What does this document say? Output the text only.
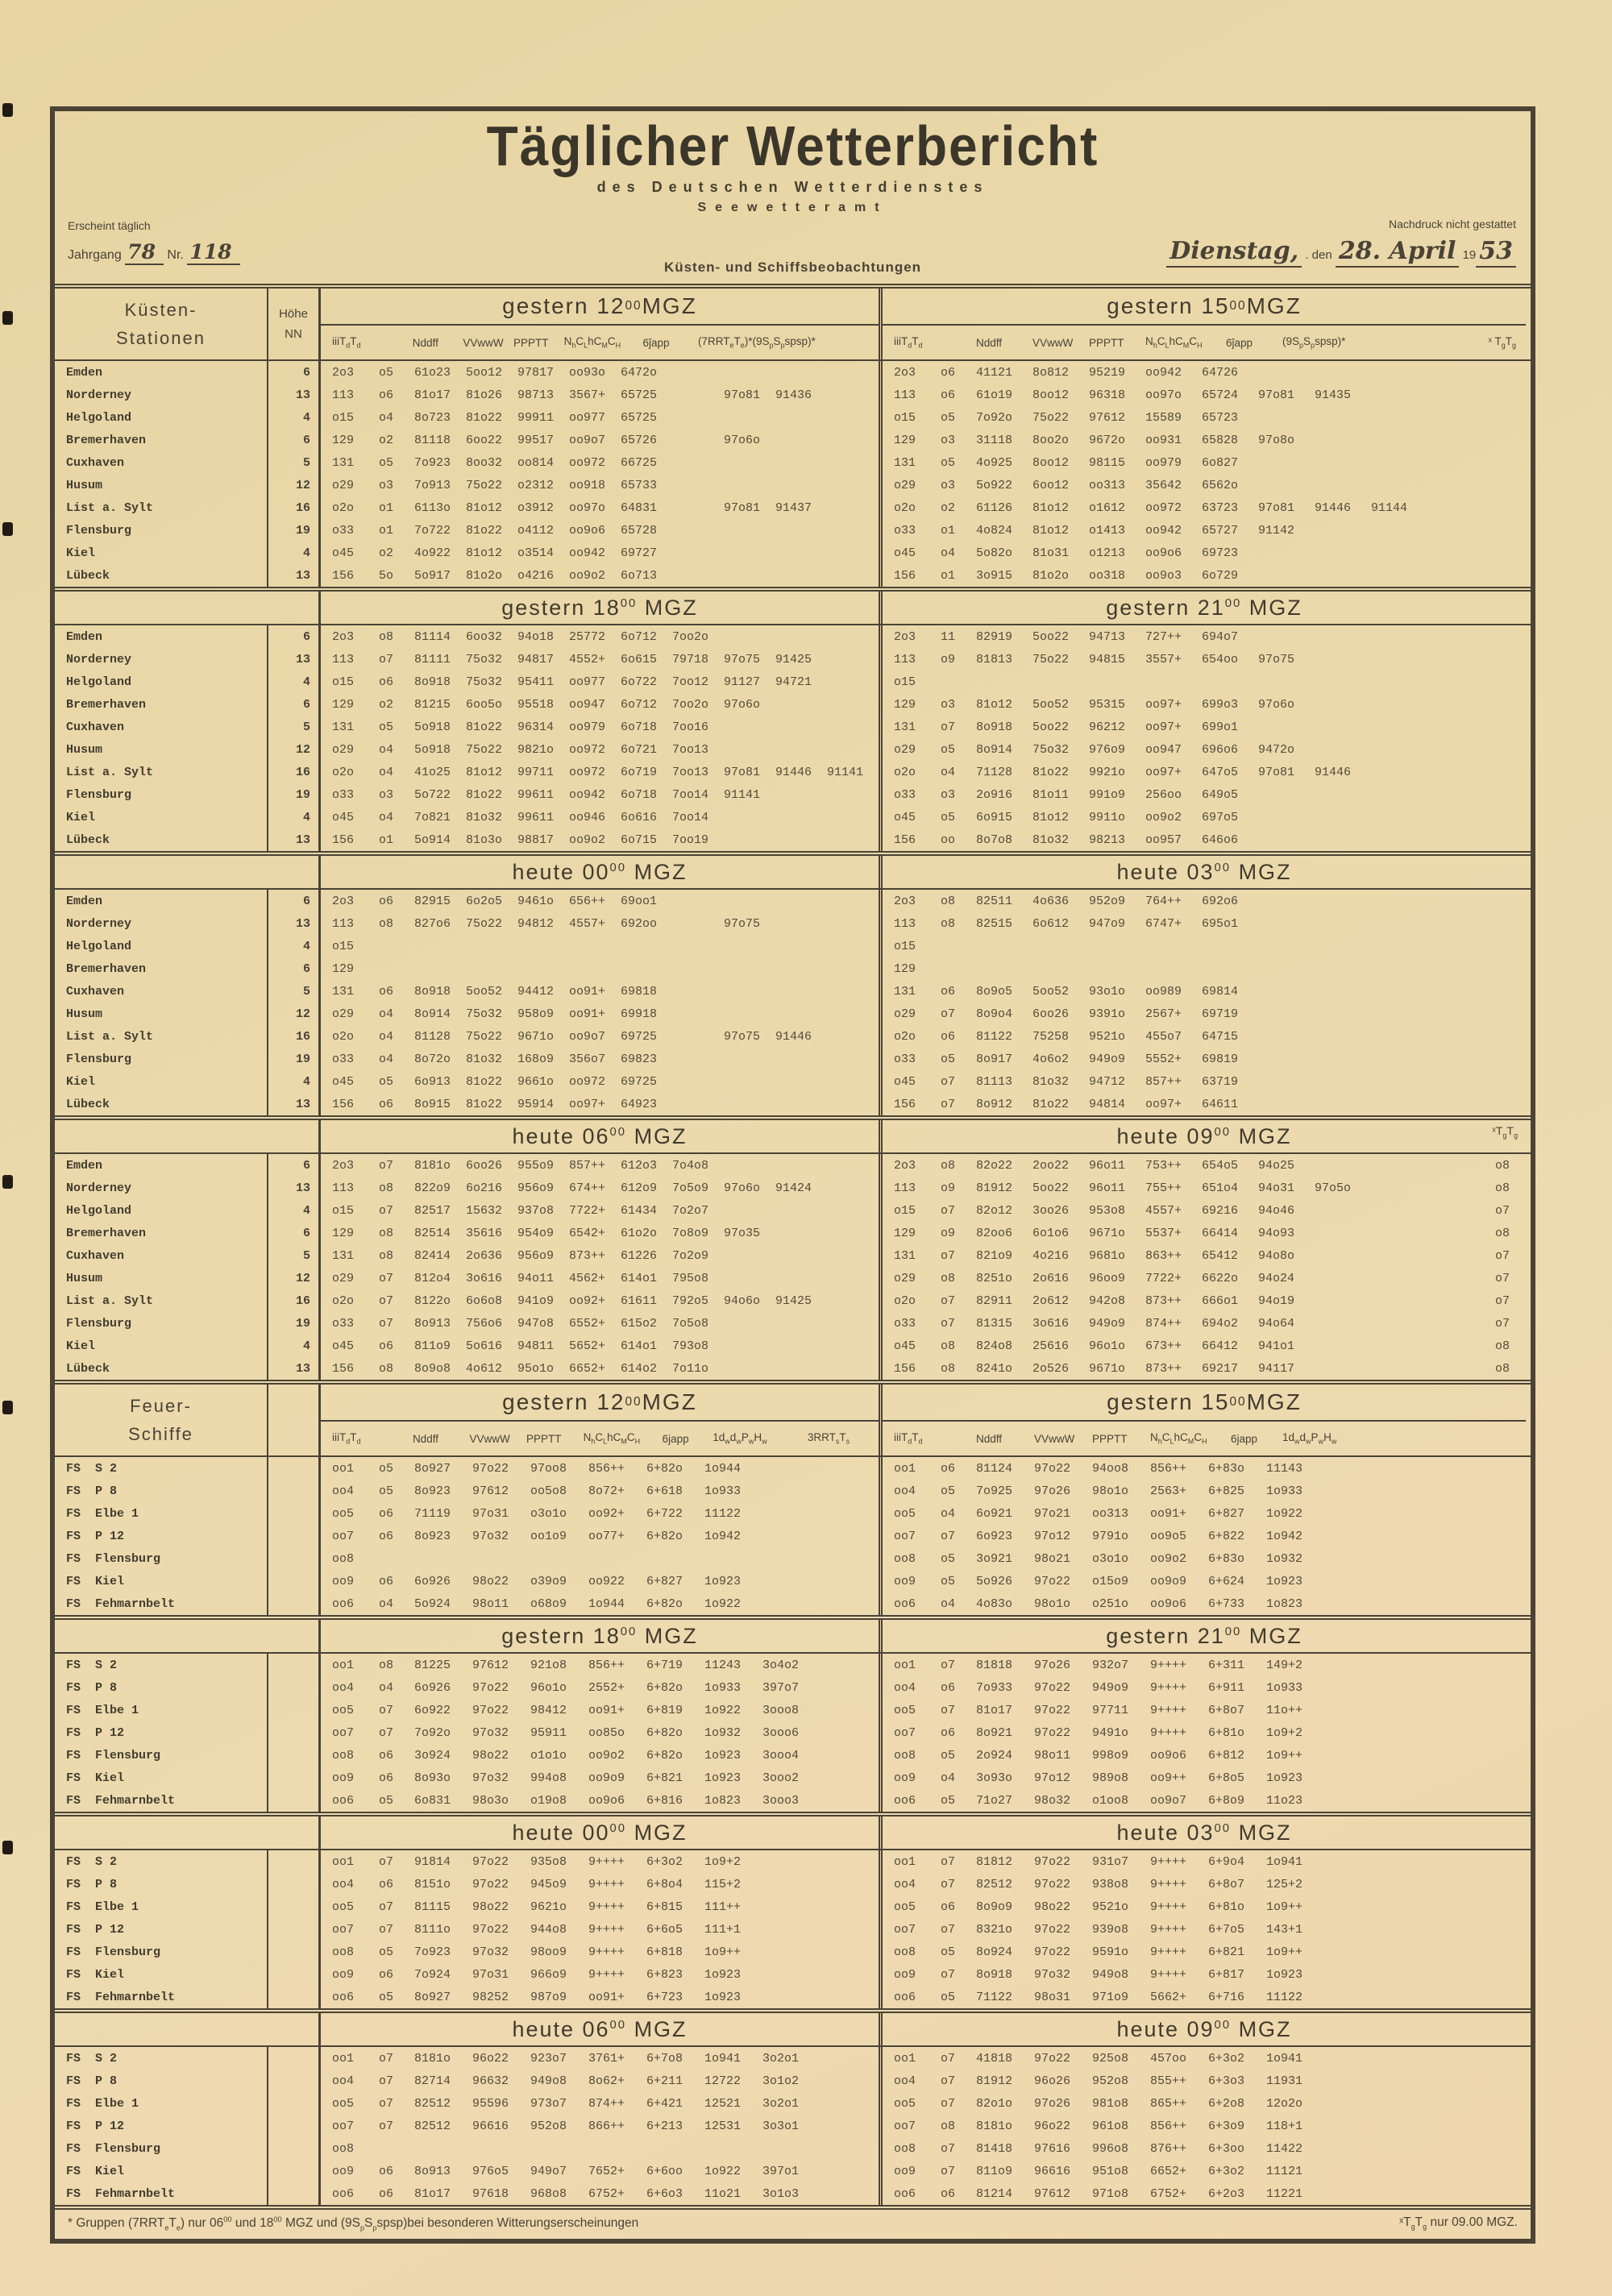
Täglicher Wetterbericht
des Deutschen Wetterdienstes
Seewetteramt
Erscheint täglich
Jahrgang 78 Nr. 118
Küsten- und Schiffsbeobachtungen
Nachdruck nicht gestattet
Dienstag, . den 28. April 19 53
Küsten-
Stationen
Höhe
NN
gestern 12 00 MGZ
$iiiT_dT_d$	Nddff	VVwwW PPPTT	$N_hC_LhC_MC_H$	6ĵapp	$(7RRT_eT_e)*(9S_pS_pspsp)*$
gestern 15 00 MGZ
$iiiT_dT_d$	Nddff	VVwwW	PPPTT	$N_hC_LhC_MC_H$	6ĵapp	$(9S_pS_pspsp)*$	ˣ $T_gT_g$
Emden	6	2o3	o5	61o23	5oo12	97817	oo93o	6472o	2o3	o6	41121	8o812	95219	oo942	64726
Norderney	13	113	o6	81o17	81o26	98713	3567+	65725	97o81	91436	113	o6	61o19	8oo12	96318	oo97o	65724	97o81	91435
Helgoland	4	o15	o4	8o723	81o22	99911	oo977	65725	o15	o5	7o92o	75o22	97612	15589	65723
Bremerhaven	6	129	o2	81118	6oo22	99517	oo9o7	65726	97o6o	129	o3	31118	8oo2o	9672o	oo931	65828	97o8o
Cuxhaven	5	131	o5	7o923	8oo32	oo814	oo972	66725	131	o5	4o925	8oo12	98115	oo979	6o827
Husum	12	o29	o3	7o913	75o22	o2312	oo918	65733	o29	o3	5o922	6oo12	oo313	35642	6562o
List a. Sylt	16	o2o	o1	6113o	81o12	o3912	oo97o	64831	97o81	91437	o2o	o2	61126	81o12	o1612	oo972	63723	97o81	91446	91144
Flensburg	19	o33	o1	7o722	81o22	o4112	oo9o6	65728	o33	o1	4o824	81o12	o1413	oo942	65727	91142
Kiel	4	o45	o2	4o922	81o12	o3514	oo942	69727	o45	o4	5o82o	81o31	o1213	oo9o6	69723
Lübeck	13	156	5o	5o917	81o2o	o4216	oo9o2	6o713	156	o1	3o915	81o2o	oo318	oo9o3	6o729
gestern $18^{00}$ MGZ	gestern $21^{00}$ MGZ
Emden	6	2o3	o8	81114	6oo32	94o18	25772	6o712	7oo2o	2o3	11	82919	5oo22	94713	727++	694o7
Norderney	13	113	o7	81111	75o32	94817	4552+	6o615	79718	97o75	91425	113	o9	81813	75o22	94815	3557+	654oo	97o75
Helgoland	4	o15	o6	8o918	75o32	95411	oo977	6o722	7oo12	91127	94721	o15
Bremerhaven	6	129	o2	81215	6oo5o	95518	oo947	6o712	7oo2o	97o6o	129	o3	81o12	5oo52	95315	oo97+	699o3	97o6o
Cuxhaven	5	131	o5	5o918	81o22	96314	oo979	6o718	7oo16	131	o7	8o918	5oo22	96212	oo97+	699o1
Husum	12	o29	o4	5o918	75o22	9821o	oo972	6o721	7oo13	o29	o5	8o914	75o32	976o9	oo947	696o6	9472o
List a. Sylt	16	o2o	o4	41o25	81o12	99711	oo972	6o719	7oo13	97o81	91446	91141	o2o	o4	71128	81o22	9921o	oo97+	647o5	97o81	91446
Flensburg	19	o33	o3	5o722	81o22	99611	oo942	6o718	7oo14	91141	o33	o3	2o916	81o11	991o9	256oo	649o5
Kiel	4	o45	o4	7o821	81o32	99611	oo946	6o616	7oo14	o45	o5	6o915	81o12	9911o	oo9o2	697o5
Lübeck	13	156	o1	5o914	81o3o	98817	oo9o2	6o715	7oo19	156	oo	8o7o8	81o32	98213	oo957	646o6
heute $00^{00}$ MGZ	heute $03^{00}$ MGZ
Emden	6	2o3	o6	82915	6o2o5	9461o	656++	69oo1	2o3	o8	82511	4o636	952o9	764++	692o6
Norderney	13	113	o8	827o6	75o22	94812	4557+	692oo	97o75	113	o8	82515	6o612	947o9	6747+	695o1
Helgoland	4	o15	o15
Bremerhaven	6	129	129
Cuxhaven	5	131	o6	8o918	5oo52	94412	oo91+	69818	131	o6	8o9o5	5oo52	93o1o	oo989	69814
Husum	12	o29	o4	8o914	75o32	958o9	oo91+	69918	o29	o7	8o9o4	6oo26	9391o	2567+	69719
List a. Sylt	16	o2o	o4	81128	75o22	9671o	oo9o7	69725	97o75	91446	o2o	o6	81122	75258	9521o	455o7	64715
Flensburg	19	o33	o4	8o72o	81o32	168o9	356o7	69823	o33	o5	8o917	4o6o2	949o9	5552+	69819
Kiel	4	o45	o5	6o913	81o22	9661o	oo972	69725	o45	o7	81113	81o32	94712	857++	63719
Lübeck	13	156	o6	8o915	81o22	95914	oo97+	64923	156	o7	8o912	81o22	94814	oo97+	64611
heute $06^{00}$ MGZ	heute $09^{00}$ MGZ	$ˣT_gT_g$
Emden	6	2o3	o7	8181o	6oo26	955o9	857++	612o3	7o4o8	2o3	o8	82o22	2oo22	96o11	753++	654o5	94o25	o8
Norderney	13	113	o8	822o9	6o216	956o9	674++	612o9	7o5o9	97o6o	91424	113	o9	81912	5oo22	96o11	755++	651o4	94o31	97o5o	o8
Helgoland	4	o15	o7	82517	15632	937o8	7722+	61434	7o2o7	o15	o7	82o12	3oo26	953o8	4557+	69216	94o46	o7
Bremerhaven	6	129	o8	82514	35616	954o9	6542+	61o2o	7o8o9	97o35	129	o9	82oo6	6o1o6	9671o	5537+	66414	94o93	o8
Cuxhaven	5	131	o8	82414	2o636	956o9	873++	61226	7o2o9	131	o7	821o9	4o216	9681o	863++	65412	94o8o	o7
Husum	12	o29	o7	812o4	3o616	94o11	4562+	614o1	795o8	o29	o8	8251o	2o616	96oo9	7722+	6622o	94o24	o7
List a. Sylt	16	o2o	o7	8122o	6o6o8	941o9	oo92+	61611	792o5	94o6o	91425	o2o	o7	82911	2o612	942o8	873++	666o1	94o19	o7
Flensburg	19	o33	o7	8o913	756o6	947o8	6552+	615o2	7o5o8	o33	o7	81315	3o616	949o9	874++	694o2	94o64	o7
Kiel	4	o45	o6	811o9	5o616	94811	5652+	614o1	793o8	o45	o8	824o8	25616	96o1o	673++	66412	941o1	o8
Lübeck	13	156	o8	8o9o8	4o612	95o1o	6652+	614o2	7o11o	156	o8	8241o	2o526	9671o	873++	69217	94117	o8
Feuer-
Schiffe
gestern 12 00 MGZ
$iiiT_dT_d$	Nddff	VVwwW	PPPTT	$N_hC_LhC_MC_H$	6japp	$1d_wd_wP_wH_w$	$3RRT_sT_s$
gestern 15 00 MGZ
$iiiT_dT_d$	Nddff	VVwwW	PPPTT	$N_hC_LhC_MC_H$	6japp	$1d_wd_wP_wH_w$
FS  S 2	oo1	o5	8o927	97o22	97oo8	856++	6+82o	1o944	oo1	o6	81124	97o22	94oo8	856++	6+83o	11143
FS  P 8	oo4	o5	8o923	97612	oo5o8	8o72+	6+618	1o933	oo4	o5	7o925	97o26	98o1o	2563+	6+825	1o933
FS  Elbe 1	oo5	o6	71119	97o31	o3o1o	oo92+	6+722	11122	oo5	o4	6o921	97o21	oo313	oo91+	6+827	1o922
FS  P 12	oo7	o6	8o923	97o32	oo1o9	oo77+	6+82o	1o942	oo7	o7	6o923	97o12	9791o	oo9o5	6+822	1o942
FS  Flensburg	oo8	oo8	o5	3o921	98o21	o3o1o	oo9o2	6+83o	1o932
FS  Kiel	oo9	o6	6o926	98o22	o39o9	oo922	6+827	1o923	oo9	o5	5o926	97o22	o15o9	oo9o9	6+624	1o923
FS  Fehmarnbelt	oo6	o4	5o924	98o11	o68o9	1o944	6+82o	1o922	oo6	o4	4o83o	98o1o	o251o	oo9o6	6+733	1o823
gestern $18^{00}$ MGZ	gestern $21^{00}$ MGZ
FS  S 2	oo1	o8	81225	97612	921o8	856++	6+719	11243	3o4o2	oo1	o7	81818	97o26	932o7	9++++	6+311	149+2
FS  P 8	oo4	o4	6o926	97o22	96o1o	2552+	6+82o	1o933	397o7	oo4	o6	7o933	97o22	949o9	9++++	6+911	1o933
FS  Elbe 1	oo5	o7	6o922	97o22	98412	oo91+	6+819	1o922	3ooo8	oo5	o7	81o17	97o22	97711	9++++	6+8o7	11o++
FS  P 12	oo7	o7	7o92o	97o32	95911	oo85o	6+82o	1o932	3ooo6	oo7	o6	8o921	97o22	9491o	9++++	6+81o	1o9+2
FS  Flensburg	oo8	o6	3o924	98o22	o1o1o	oo9o2	6+82o	1o923	3ooo4	oo8	o5	2o924	98o11	998o9	oo9o6	6+812	1o9++
FS  Kiel	oo9	o6	8o93o	97o32	994o8	oo9o9	6+821	1o923	3ooo2	oo9	o4	3o93o	97o12	989o8	oo9++	6+8o5	1o923
FS  Fehmarnbelt	oo6	o5	6o831	98o3o	o19o8	oo9o6	6+816	1o823	3ooo3	oo6	o5	71o27	98o32	o1oo8	oo9o7	6+8o9	11o23
heute $00^{00}$ MGZ	heute $03^{00}$ MGZ
FS  S 2	oo1	o7	91814	97o22	935o8	9++++	6+3o2	1o9+2	oo1	o7	81812	97o22	931o7	9++++	6+9o4	1o941
FS  P 8	oo4	o6	8151o	97o22	945o9	9++++	6+8o4	115+2	oo4	o7	82512	97o22	938o8	9++++	6+8o7	125+2
FS  Elbe 1	oo5	o7	81115	98o22	9621o	9++++	6+815	111++	oo5	o6	8o9o9	98o22	9521o	9++++	6+81o	1o9++
FS  P 12	oo7	o7	8111o	97o22	944o8	9++++	6+6o5	111+1	oo7	o7	8321o	97o22	939o8	9++++	6+7o5	143+1
FS  Flensburg	oo8	o5	7o923	97o32	98oo9	9++++	6+818	1o9++	oo8	o5	8o924	97o22	9591o	9++++	6+821	1o9++
FS  Kiel	oo9	o6	7o924	97o31	966o9	9++++	6+823	1o923	oo9	o7	8o918	97o32	949o8	9++++	6+817	1o923
FS  Fehmarnbelt	oo6	o5	8o927	98252	987o9	oo91+	6+723	1o923	oo6	o5	71122	98o31	971o9	5662+	6+716	11122
heute $06^{00}$ MGZ	heute $09^{00}$ MGZ
FS  S 2	oo1	o7	8181o	96o22	923o7	3761+	6+7o8	1o941	3o2o1	oo1	o7	41818	97o22	925o8	457oo	6+3o2	1o941
FS  P 8	oo4	o7	82714	96632	949o8	8o62+	6+211	12722	3o1o2	oo4	o7	81912	96o26	952o8	855++	6+3o3	11931
FS  Elbe 1	oo5	o7	82512	95596	973o7	874++	6+421	12521	3o2o1	oo5	o7	82o1o	97o26	981o8	865++	6+2o8	12o2o
FS  P 12	oo7	o7	82512	96616	952o8	866++	6+213	12531	3o3o1	oo7	o8	8181o	96o22	961o8	856++	6+3o9	118+1
FS  Flensburg	oo8	oo8	o7	81418	97616	996o8	876++	6+3oo	11422
FS  Kiel	oo9	o6	8o913	976o5	949o7	7652+	6+6oo	1o922	397o1	oo9	o7	811o9	96616	951o8	6652+	6+3o2	11121
FS  Fehmarnbelt	oo6	o6	81o17	97618	968o8	6752+	6+6o3	11o21	3o1o3	oo6	o6	81214	97612	971o8	6752+	6+2o3	11221
* Gruppen $(7RRT_eT_e)$ nur $06^{00}$ und $18^{00}$ MGZ und $(9S_pS_pspsp)bei$ besonderen Witterungserscheinungen	$ˣT_gT_g$ nur 09.00 MGZ.
